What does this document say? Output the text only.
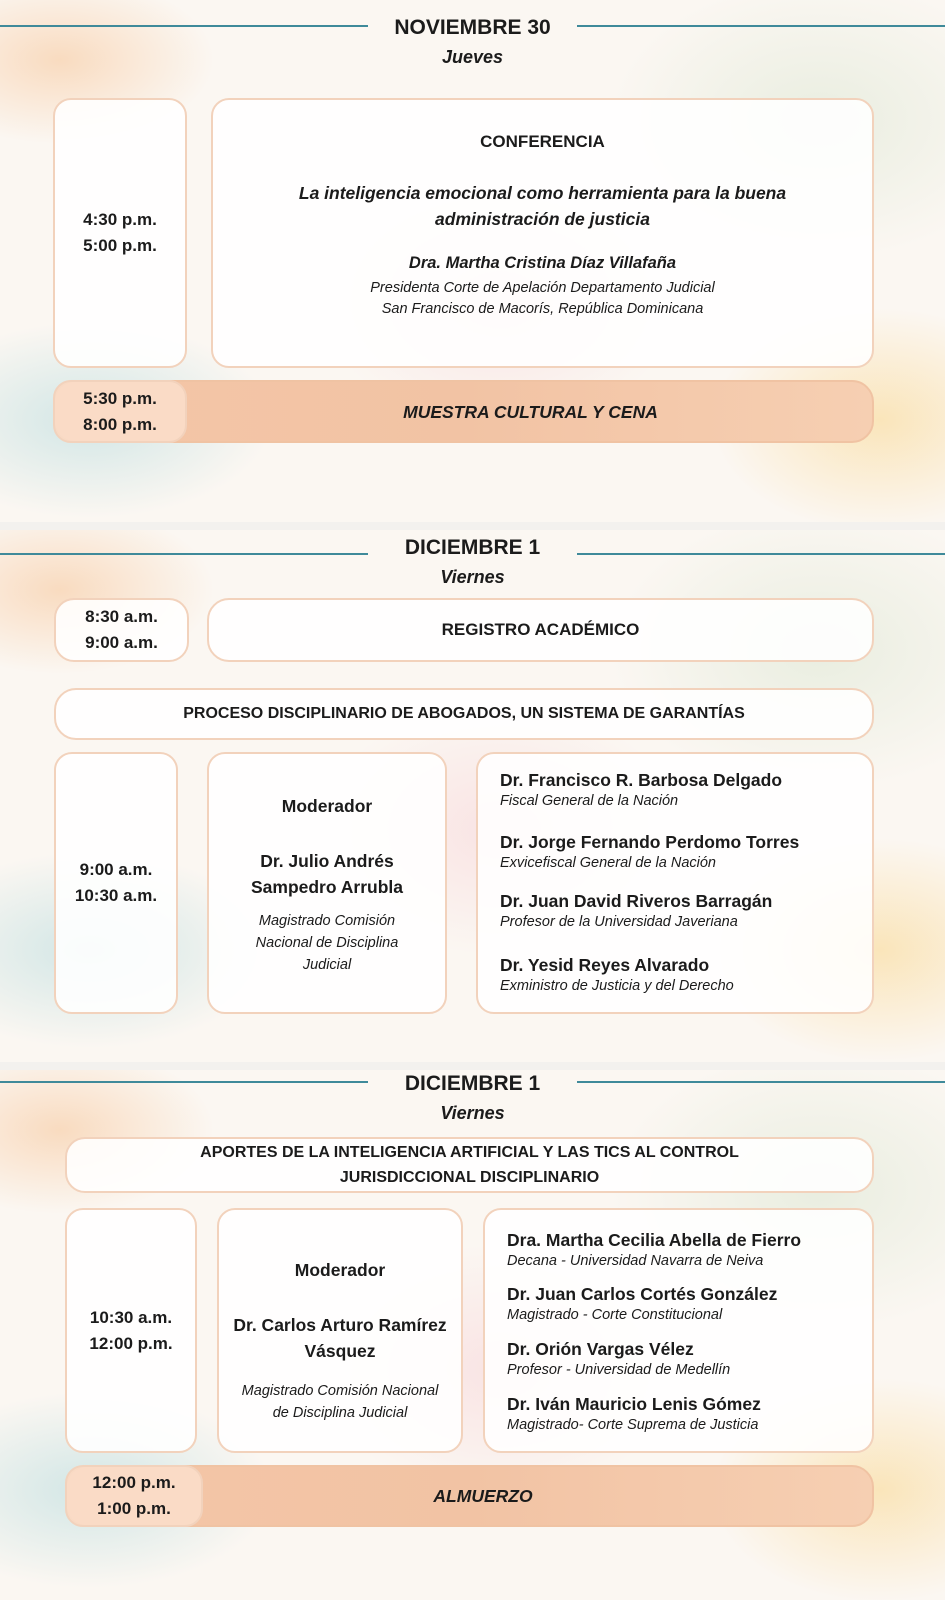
NOVIEMBRE 30
Jueves
4:30 p.m.
5:00 p.m.
CONFERENCIA
La inteligencia emocional como herramienta para la buena
administración de justicia
Dra. Martha Cristina Díaz Villafaña
Presidenta Corte de Apelación Departamento Judicial
San Francisco de Macorís, República Dominicana
5:30 p.m.
8:00 p.m.
MUESTRA CULTURAL Y CENA
DICIEMBRE 1
Viernes
8:30 a.m.
9:00 a.m.
REGISTRO ACADÉMICO
PROCESO DISCIPLINARIO DE ABOGADOS, UN SISTEMA DE GARANTÍAS
9:00 a.m.
10:30 a.m.
Moderador
Dr. Julio Andrés
Sampedro Arrubla
Magistrado Comisión
Nacional de Disciplina
Judicial
Dr. Francisco R. Barbosa Delgado
Fiscal General de la Nación
Dr. Jorge Fernando Perdomo Torres
Exvicefiscal General de la Nación
Dr. Juan David Riveros Barragán
Profesor de la Universidad Javeriana
Dr. Yesid Reyes Alvarado
Exministro de Justicia y del Derecho
DICIEMBRE 1
Viernes
APORTES DE LA INTELIGENCIA ARTIFICIAL Y LAS TICS AL CONTROL
JURISDICCIONAL DISCIPLINARIO
10:30 a.m.
12:00 p.m.
Moderador
Dr. Carlos Arturo Ramírez
Vásquez
Magistrado Comisión Nacional
de Disciplina Judicial
Dra. Martha Cecilia Abella de Fierro
Decana - Universidad Navarra de Neiva
Dr. Juan Carlos Cortés González
Magistrado - Corte Constitucional
Dr. Orión Vargas Vélez
Profesor - Universidad de Medellín
Dr. Iván Mauricio Lenis Gómez
Magistrado- Corte Suprema de Justicia
12:00 p.m.
1:00 p.m.
ALMUERZO
